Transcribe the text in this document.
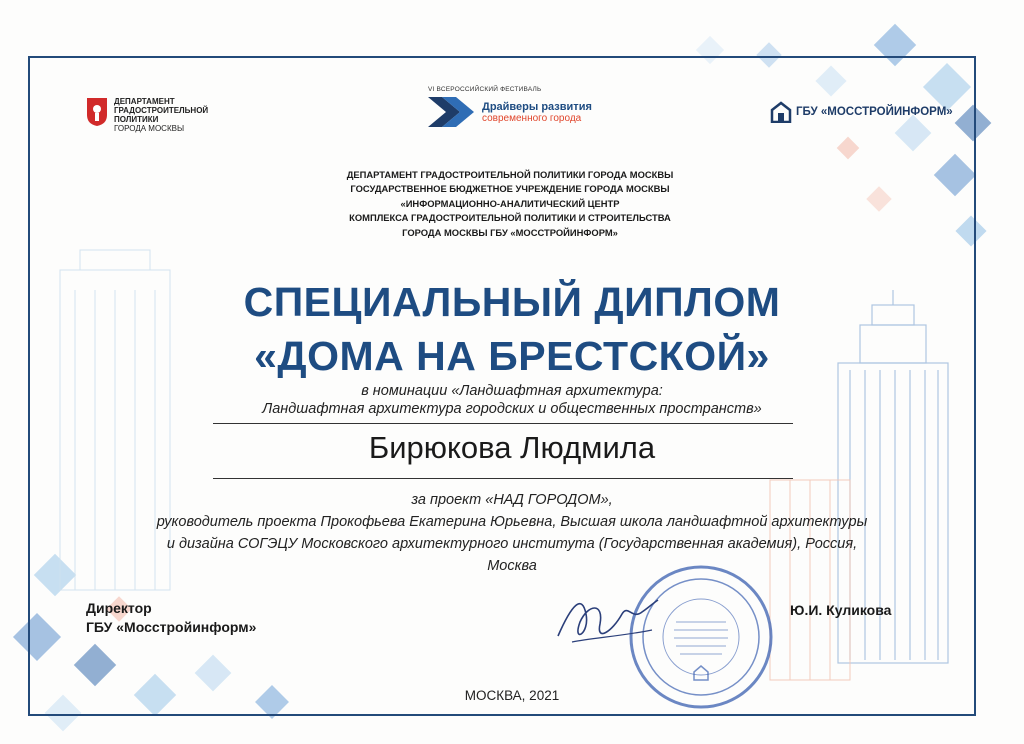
ДЕПАРТАМЕНТ
ГРАДОСТРОИТЕЛЬНОЙ ПОЛИТИКИ
ГОРОДА МОСКВЫ
VI ВСЕРОССИЙСКИЙ ФЕСТИВАЛЬ
Драйверы развития
современного города	ГБУ «МОССТРОЙИНФОРМ»
ДЕПАРТАМЕНТ ГРАДОСТРОИТЕЛЬНОЙ ПОЛИТИКИ ГОРОДА МОСКВЫ
ГОСУДАРСТВЕННОЕ БЮДЖЕТНОЕ УЧРЕЖДЕНИЕ ГОРОДА МОСКВЫ
«ИНФОРМАЦИОННО-АНАЛИТИЧЕСКИЙ ЦЕНТР
КОМПЛЕКСА ГРАДОСТРОИТЕЛЬНОЙ ПОЛИТИКИ И СТРОИТЕЛЬСТВА
ГОРОДА МОСКВЫ ГБУ «МОССТРОЙИНФОРМ»
СПЕЦИАЛЬНЫЙ ДИПЛОМ
«ДОМА НА БРЕСТСКОЙ»
в номинации «Ландшафтная архитектура:
Ландшафтная архитектура городских и общественных пространств»
Бирюкова Людмила
за проект «НАД ГОРОДОМ»,
руководитель проекта Прокофьева Екатерина Юрьевна, Высшая школа ландшафтной архитектуры
и дизайна СОГЭЦУ Московского архитектурного института (Государственная академия), Россия,
Москва
Директор
ГБУ «Мосстройинформ»
Ю.И. Куликова
МОСКВА, 2021
